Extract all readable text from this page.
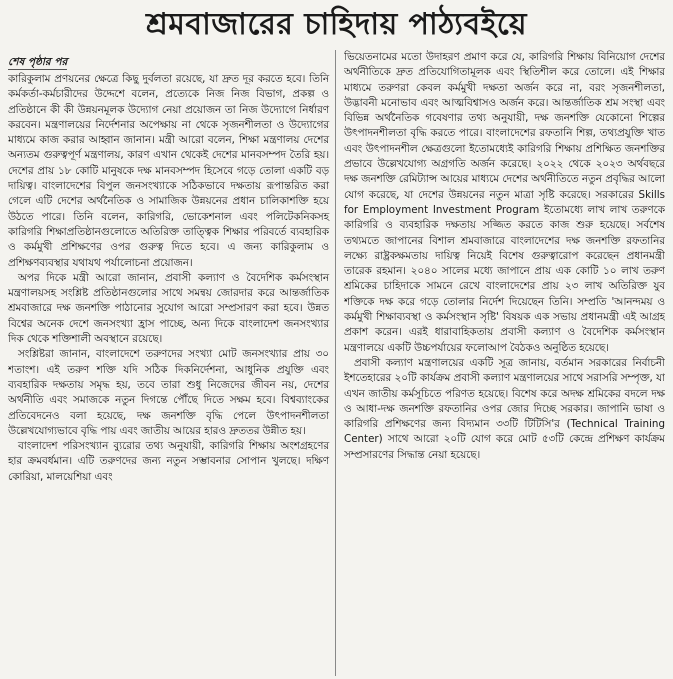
শ্রমবাজারের চাহিদায় পাঠ্যবইয়ে
শেষ পৃষ্ঠার পর

কারিকুলাম প্রণয়নের ক্ষেত্রে কিছু দুর্বলতা রয়েছে, যা দ্রুত দূর করতে হবে। তিনি কর্মকর্তা-কর্মচারীদের উদ্দেশে বলেন, প্রত্যেকে নিজ নিজ বিভাগ, প্রকল্প ও প্রতিষ্ঠানে কী কী উন্নয়নমূলক উদ্যোগ নেয়া প্রয়োজন তা নিজ উদ্যোগে নির্ধারণ করবেন। মন্ত্রণালয়ের নির্দেশনার অপেক্ষায় না থেকে সৃজনশীলতা ও উদ্যোগের মাধ্যমে কাজ করার আহ্বান জানান। মন্ত্রী আরো বলেন, শিক্ষা মন্ত্রণালয় দেশের অন্যতম গুরুত্বপূর্ণ মন্ত্রণালয়, কারণ এখান থেকেই দেশের মানবসম্পদ তৈরি হয়। দেশের প্রায় ১৮ কোটি মানুষকে দক্ষ মানবসম্পদ হিসেবে গড়ে তোলা একটি বড় দায়িত্ব। বাংলাদেশের বিপুল জনসংখ্যাকে সঠিকভাবে দক্ষতায় রূপান্তরিত করা গেলে এটি দেশের অর্থনৈতিক ও সামাজিক উন্নয়নের প্রধান চালিকাশক্তি হয়ে উঠতে পারে। তিনি বলেন, কারিগরি, ভোকেশনাল এবং পলিটেকনিকসহ কারিগরি শিক্ষাপ্রতিষ্ঠানগুলোতে অতিরিক্ত তাত্ত্বিক শিক্ষার পরিবর্তে ব্যবহারিক ও কর্মমুখী প্রশিক্ষণের ওপর গুরুত্ব দিতে হবে। এ জন্য কারিকুলাম ও প্রশিক্ষণব্যবস্থার যথাযথ পর্যালোচনা প্রয়োজন।

অপর দিকে মন্ত্রী আরো জানান, প্রবাসী কল্যাণ ও বৈদেশিক কর্মসংস্থান মন্ত্রণালয়সহ সংশ্লিষ্ট প্রতিষ্ঠানগুলোর সাথে সমন্বয় জোরদার করে আন্তর্জাতিক শ্রমবাজারে দক্ষ জনশক্তি পাঠানোর সুযোগ আরো সম্প্রসারণ করা হবে। উন্নত বিশ্বের অনেক দেশে জনসংখ্যা হ্রাস পাচ্ছে, অন্য দিকে বাংলাদেশ জনসংখ্যার দিক থেকে শক্তিশালী অবস্থানে রয়েছে।

সংশ্লিষ্টরা জানান, বাংলাদেশে তরুণদের সংখ্যা মোট জনসংখ্যার প্রায় ৩০ শতাংশ। এই তরুণ শক্তি যদি সঠিক দিকনির্দেশনা, আধুনিক প্রযুক্তি এবং ব্যবহারিক দক্ষতায় সমৃদ্ধ হয়, তবে তারা শুধু নিজেদের জীবন নয়, দেশের অর্থনীতি এবং সমাজকে নতুন দিগন্তে পৌঁছে দিতে সক্ষম হবে। বিশ্বব্যাংকের প্রতিবেদনেও বলা হয়েছে, দক্ষ জনশক্তি বৃদ্ধি পেলে উৎপাদনশীলতা উল্লেখযোগ্যভাবে বৃদ্ধি পায় এবং জাতীয় আয়ের হারও দ্রুততর উন্নীত হয়।

বাংলাদেশ পরিসংখ্যান ব্যুরোর তথ্য অনুযায়ী, কারিগরি শিক্ষায় অংশগ্রহণের হার ক্রমবর্ধমান। এটি তরুণদের জন্য নতুন সম্ভাবনার সোপান খুলছে। দক্ষিণ কোরিয়া, মালয়েশিয়া এবং

ভিয়েতনামের মতো উদাহরণ প্রমাণ করে যে, কারিগরি শিক্ষায় বিনিয়োগ দেশের অর্থনীতিকে দ্রুত প্রতিযোগিতামূলক এবং স্থিতিশীল করে তোলে। এই শিক্ষার মাধ্যমে তরুণরা কেবল কর্মমুখী দক্ষতা অর্জন করে না, বরং সৃজনশীলতা, উদ্ভাবনী মনোভাব এবং আত্মবিশ্বাসও অর্জন করে। আন্তর্জাতিক শ্রম সংস্থা এবং বিভিন্ন অর্থনৈতিক গবেষণার তথ্য অনুযায়ী, দক্ষ জনশক্তি যেকোনো শিল্পের উৎপাদনশীলতা বৃদ্ধি করতে পারে। বাংলাদেশের রফতানি শিল্প, তথ্যপ্রযুক্তি খাত এবং উৎপাদনশীল ক্ষেত্রগুলো ইতোমধ্যেই কারিগরি শিক্ষায় প্রশিক্ষিত জনশক্তির প্রভাবে উল্লেখযোগ্য অগ্রগতি অর্জন করেছে। ২০২২ থেকে ২০২৩ অর্থবছরে দক্ষ জনশক্তি রেমিট্যান্স আয়ের মাধ্যমে দেশের অর্থনীতিতে নতুন প্রবৃদ্ধির আলো যোগ করেছে, যা দেশের উন্নয়নের নতুন মাত্রা সৃষ্টি করেছে। সরকারের Skills for Employment Investment Program ইতোমধ্যে লাখ লাখ তরুণকে কারিগরি ও ব্যবহারিক দক্ষতায় সজ্জিত করতে কাজ শুরু হয়েছে। সর্বশেষ তথ্যমতে জাপানের বিশাল শ্রমবাজারে বাংলাদেশের দক্ষ জনশক্তি রফতানির লক্ষ্যে রাষ্ট্রকক্ষমতায় দায়িত্ব নিয়েই বিশেষ গুরুত্বারোপ করেছেন প্রধানমন্ত্রী তারেক রহমান। ২০৪০ সালের মধ্যে জাপানে প্রায় এক কোটি ১০ লাখ তরুণ শ্রমিকের চাহিদাকে সামনে রেখে বাংলাদেশের প্রায় ২৩ লাখ অতিরিক্ত যুব শক্তিকে দক্ষ করে গড়ে তোলার নির্দেশ দিয়েছেন তিনি। সম্প্রতি 'আনন্দময় ও কর্মমুখী শিক্ষাব্যবস্থা ও কর্মসংস্থান সৃষ্টি' বিষয়ক এক সভায় প্রধানমন্ত্রী এই আগ্রহ প্রকাশ করেন। এরই ধারাবাহিকতায় প্রবাসী কল্যাণ ও বৈদেশিক কর্মসংস্থান মন্ত্রণালয়ে একটি উচ্চপর্যায়ের ফলোআপ বৈঠকও অনুষ্ঠিত হয়েছে।

প্রবাসী কল্যাণ মন্ত্রণালয়ের একটি সূত্র জানায়, বর্তমান সরকারের নির্বাচনী ইশতেহারের ২০টি কার্যক্রম প্রবাসী কল্যাণ মন্ত্রণালয়ের সাথে সরাসরি সম্পৃক্ত, যা এখন জাতীয় কর্মসূচিতে পরিণত হয়েছে। বিশেষ করে অদক্ষ শ্রমিকের বদলে দক্ষ ও আধা-দক্ষ জনশক্তি রফতানির ওপর জোর দিচ্ছে সরকার। জাপানি ভাষা ও কারিগরি প্রশিক্ষণের জন্য বিদ্যমান ৩৩টি টিটিসি'র (Technical Training Center) সাথে আরো ২০টি যোগ করে মোট ৫৩টি কেন্দ্রে প্রশিক্ষণ কার্যক্রম সম্প্রসারণের সিদ্ধান্ত নেয়া হয়েছে।
